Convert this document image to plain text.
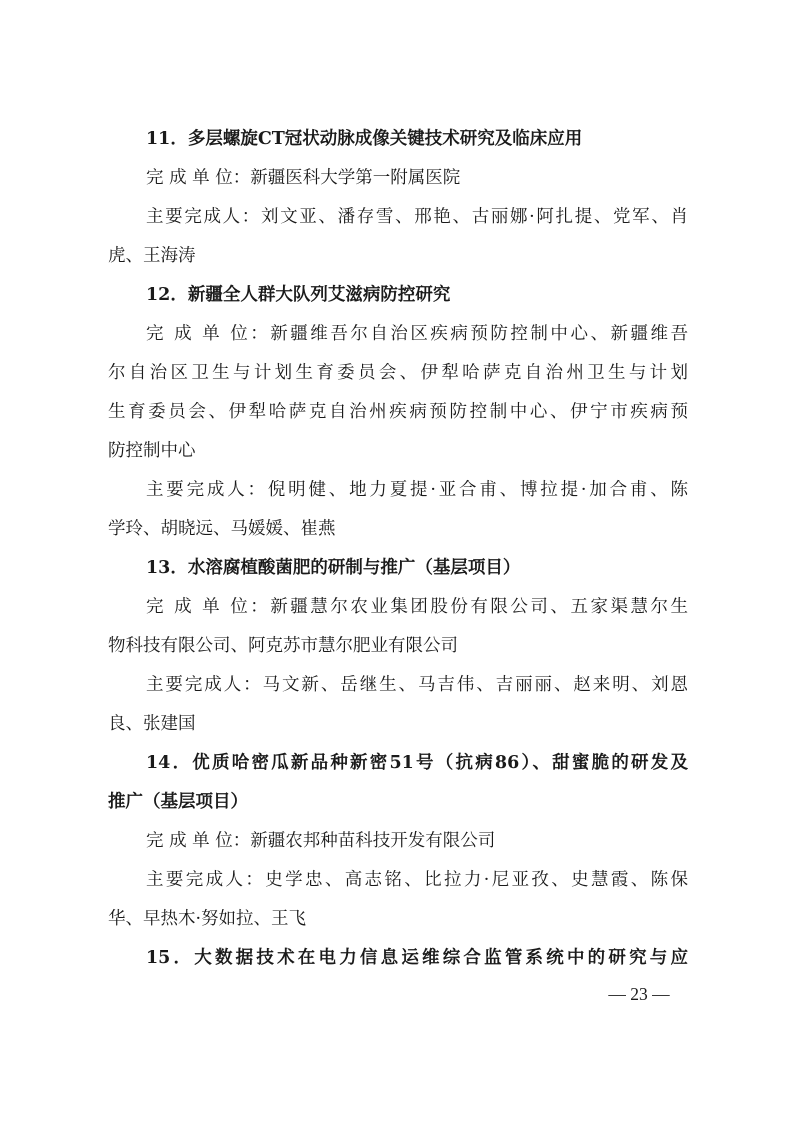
11．多层螺旋CT冠状动脉成像关键技术研究及临床应用
完 成 单 位：新疆医科大学第一附属医院
主要完成人：刘文亚、潘存雪、邢艳、古丽娜·阿扎提、党军、肖
虎、王海涛
12．新疆全人群大队列艾滋病防控研究
完 成 单 位：新疆维吾尔自治区疾病预防控制中心、新疆维吾
尔自治区卫生与计划生育委员会、伊犁哈萨克自治州卫生与计划
生育委员会、伊犁哈萨克自治州疾病预防控制中心、伊宁市疾病预
防控制中心
主要完成人：倪明健、地力夏提·亚合甫、博拉提·加合甫、陈
学玲、胡晓远、马媛媛、崔燕
13．水溶腐植酸菌肥的研制与推广（基层项目）
完 成 单 位：新疆慧尔农业集团股份有限公司、五家渠慧尔生
物科技有限公司、阿克苏市慧尔肥业有限公司
主要完成人：马文新、岳继生、马吉伟、吉丽丽、赵来明、刘恩
良、张建国
14．优质哈密瓜新品种新密51号（抗病86）、甜蜜脆的研发及
推广（基层项目）
完 成 单 位：新疆农邦种苗科技开发有限公司
主要完成人：史学忠、高志铭、比拉力·尼亚孜、史慧霞、陈保
华、早热木·努如拉、王飞
15．大数据技术在电力信息运维综合监管系统中的研究与应
— 23 —
